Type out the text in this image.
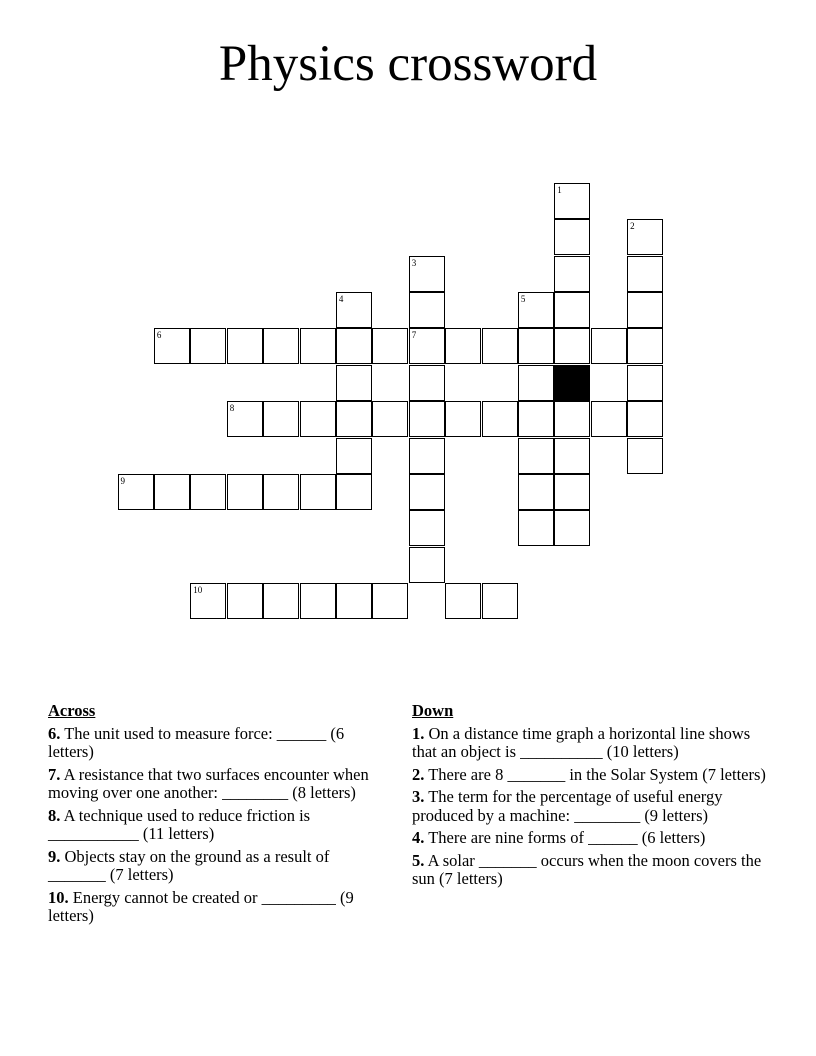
Physics crossword
1
2
3
7
4	5
6
8
9
10
Across
6. The unit used to measure force: ______ (6 letters)
7. A resistance that two surfaces encounter when moving over one another: ________ (8 letters)
8. A technique used to reduce friction is ___________ (11 letters)
9. Objects stay on the ground as a result of _______ (7 letters)
10. Energy cannot be created or _________ (9 letters)
Down
1. On a distance time graph a horizontal line shows that an object is __________ (10 letters)
2. There are 8 _______ in the Solar System (7 letters)
3. The term for the percentage of useful energy produced by a machine: ________ (9 letters)
4. There are nine forms of ______ (6 letters)
5. A solar _______ occurs when the moon covers the sun (7 letters)
